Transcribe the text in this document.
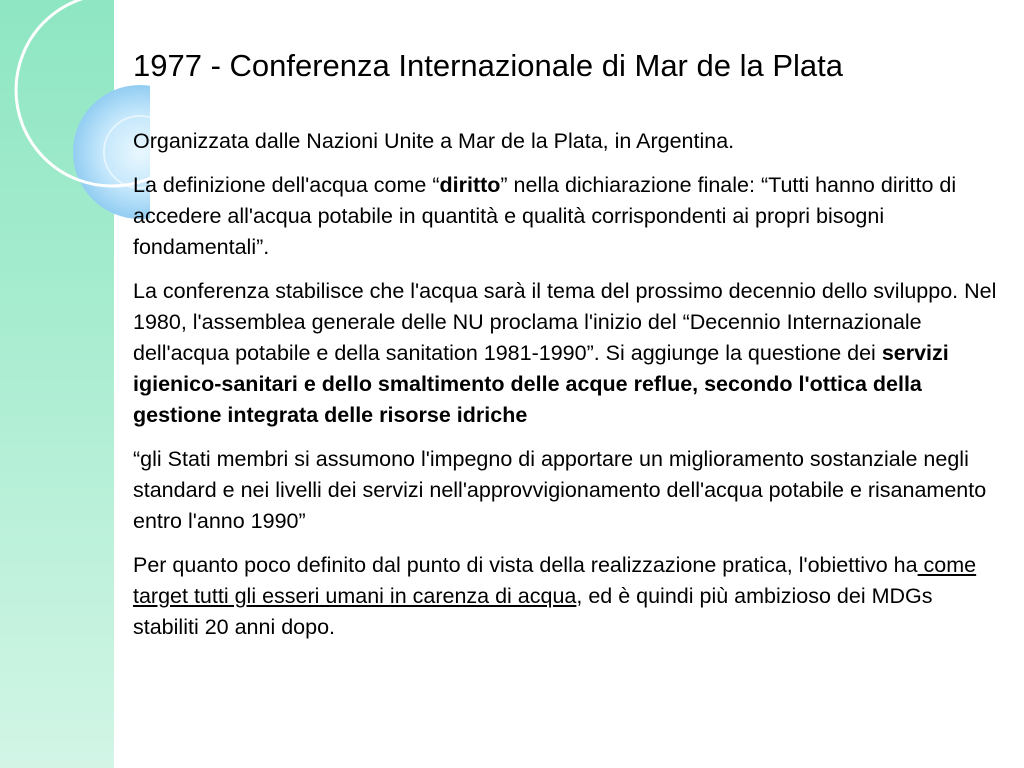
1977 - Conferenza Internazionale di Mar de la Plata

Organizzata dalle Nazioni Unite a Mar de la Plata, in Argentina.

La definizione dell'acqua come “diritto” nella dichiarazione finale: “Tutti hanno diritto di accedere all'acqua potabile in quantità e qualità corrispondenti ai propri bisogni fondamentali”.

La conferenza stabilisce che l'acqua sarà il tema del prossimo decennio dello sviluppo. Nel 1980, l'assemblea generale delle NU proclama l'inizio del “Decennio Internazionale dell'acqua potabile e della sanitation 1981-1990”. Si aggiunge la questione dei servizi igienico-sanitari e dello smaltimento delle acque reflue, secondo l'ottica della gestione integrata delle risorse idriche

“gli Stati membri si assumono l'impegno di apportare un miglioramento sostanziale negli standard e nei livelli dei servizi nell'approvvigionamento dell'acqua potabile e risanamento entro l'anno 1990”

Per quanto poco definito dal punto di vista della realizzazione pratica, l'obiettivo ha come target tutti gli esseri umani in carenza di acqua, ed è quindi più ambizioso dei MDGs stabiliti 20 anni dopo.
